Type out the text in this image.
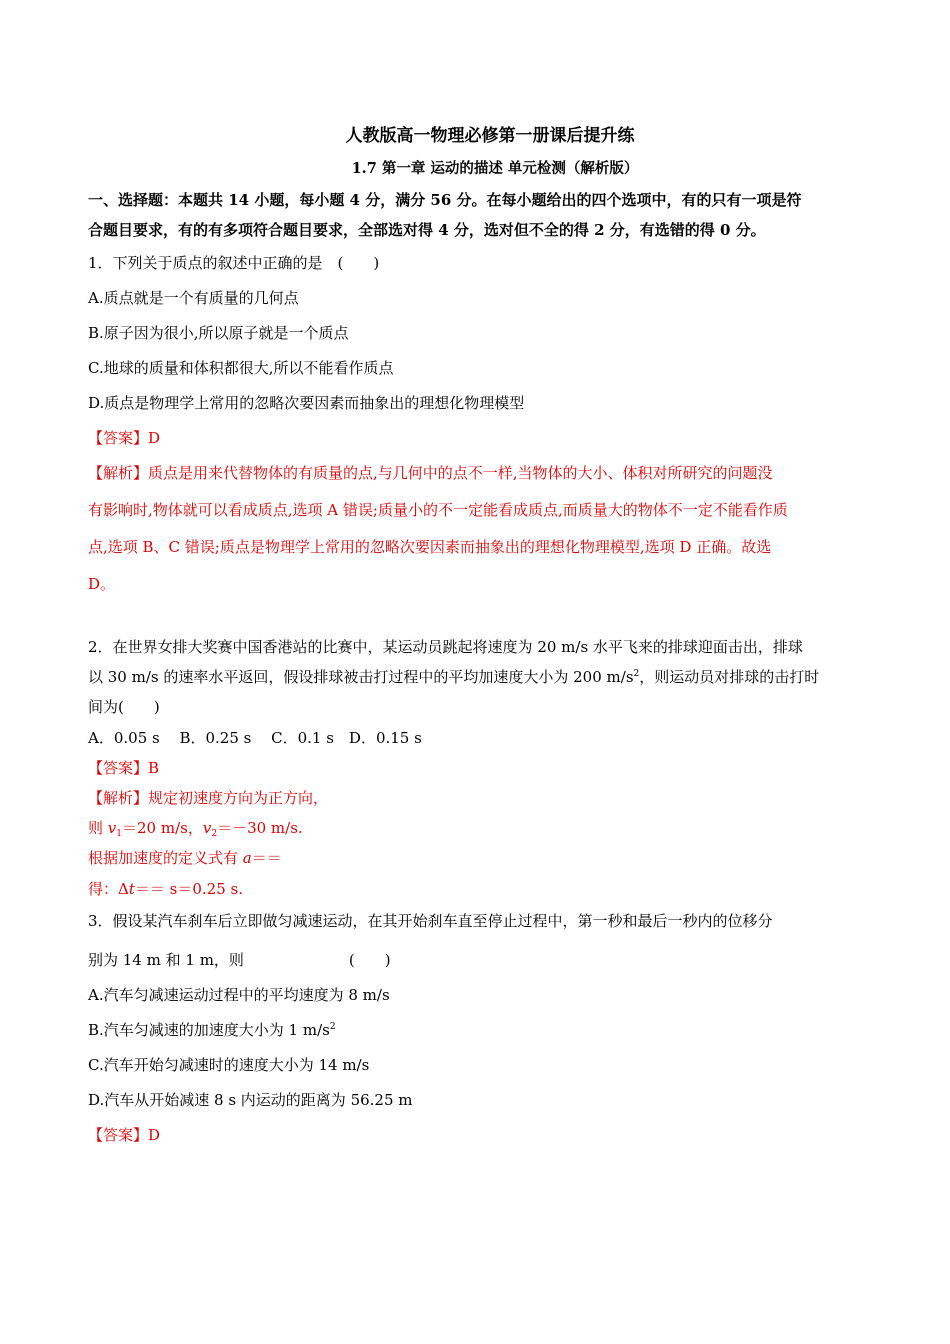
人教版高一物理必修第一册课后提升练
1.7 第一章 运动的描述 单元检测（解析版）
一、选择题：本题共 14 小题，每小题 4 分，满分 56 分。在每小题给出的四个选项中，有的只有一项是符
合题目要求，有的有多项符合题目要求，全部选对得 4 分，选对但不全的得 2 分，有选错的得 0 分。
1．下列关于质点的叙述中正确的是　(　　)
A.质点就是一个有质量的几何点
B.原子因为很小,所以原子就是一个质点
C.地球的质量和体积都很大,所以不能看作质点
D.质点是物理学上常用的忽略次要因素而抽象出的理想化物理模型
【答案】D
【解析】质点是用来代替物体的有质量的点,与几何中的点不一样,当物体的大小、体积对所研究的问题没
有影响时,物体就可以看成质点,选项 A 错误;质量小的不一定能看成质点,而质量大的物体不一定不能看作质
点,选项 B、C 错误;质点是物理学上常用的忽略次要因素而抽象出的理想化物理模型,选项 D 正确。故选
D。
2．在世界女排大奖赛中国香港站的比赛中，某运动员跳起将速度为 20 m/s 水平飞来的排球迎面击出，排球
以 30 m/s 的速率水平返回，假设排球被击打过程中的平均加速度大小为 200 $m/s^2$，则运动员对排球的击打时
间为(　　)
A．0.05 s　 B．0.25 s　 C．0.1 s　D．0.15 s
【答案】B
【解析】规定初速度方向为正方向，
则 $v_1=20$ m/s，$v_2=-30$ m/s.
根据加速度的定义式有 a＝＝
得：Δt＝＝ s＝0.25 s.
3．假设某汽车刹车后立即做匀减速运动，在其开始刹车直至停止过程中，第一秒和最后一秒内的位移分
别为 14 m 和 1 m，则　　　　　　　(　　)
A.汽车匀减速运动过程中的平均速度为 8 m/s
B.汽车匀减速的加速度大小为 1 $m/s^2$
C.汽车开始匀减速时的速度大小为 14 m/s
D.汽车从开始减速 8 s 内运动的距离为 56.25 m
【答案】D
